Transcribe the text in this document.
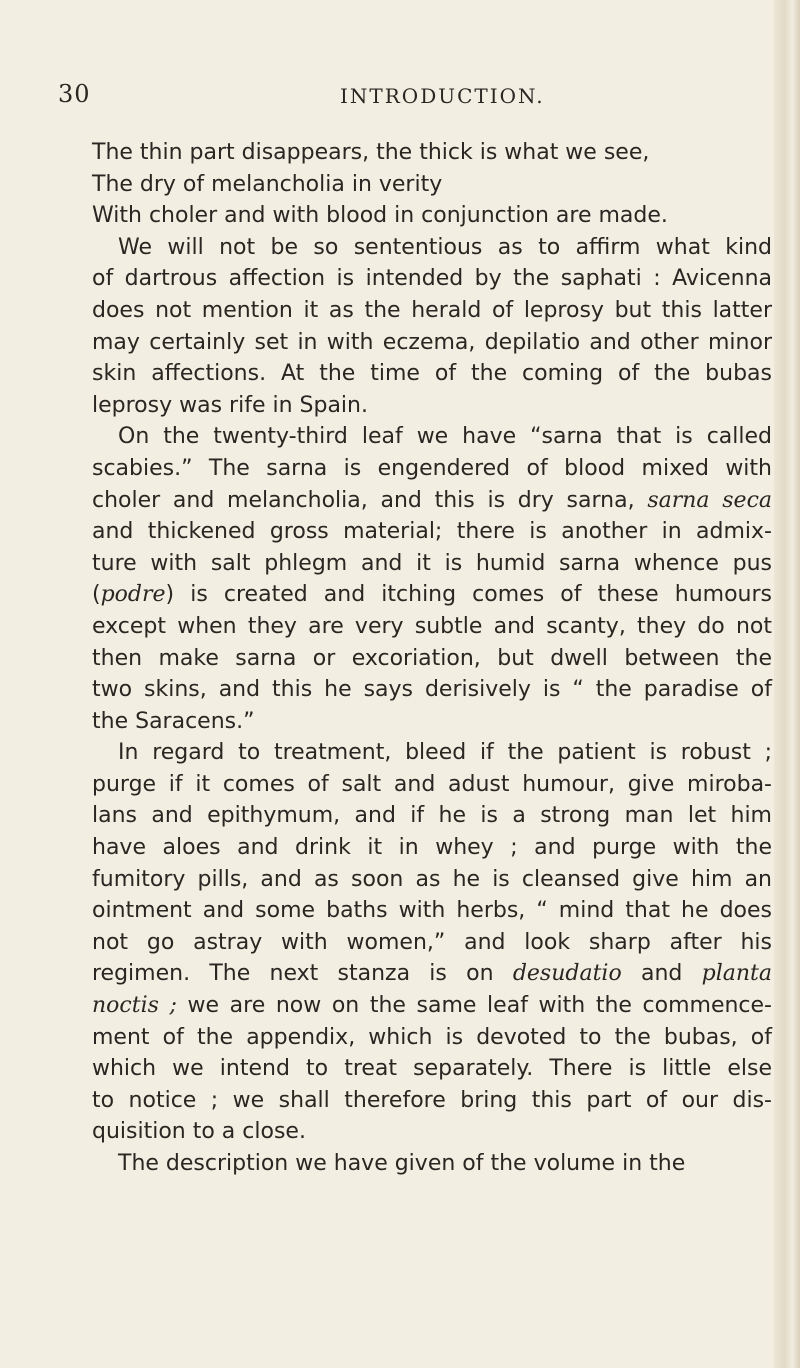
30	INTRODUCTION.
The thin part disappears, the thick is what we see,
The dry of melancholia in verity
With choler and with blood in conjunction are made.
We will not be so sententious as to affirm what kind
of dartrous affection is intended by the saphati : Avicenna
does not mention it as the herald of leprosy but this latter
may certainly set in with eczema, depilatio and other minor
skin affections. At the time of the coming of the bubas
leprosy was rife in Spain.
On the twenty-third leaf we have “sarna that is called
scabies.” The sarna is engendered of blood mixed with
choler and melancholia, and this is dry sarna, sarna seca
and thickened gross material; there is another in admix-
ture with salt phlegm and it is humid sarna whence pus
(podre) is created and itching comes of these humours
except when they are very subtle and scanty, they do not
then make sarna or excoriation, but dwell between the
two skins, and this he says derisively is “ the paradise of
the Saracens.”
In regard to treatment, bleed if the patient is robust ;
purge if it comes of salt and adust humour, give miroba-
lans and epithymum, and if he is a strong man let him
have aloes and drink it in whey ; and purge with the
fumitory pills, and as soon as he is cleansed give him an
ointment and some baths with herbs, “ mind that he does
not go astray with women,” and look sharp after his
regimen. The next stanza is on desudatio and planta
noctis ; we are now on the same leaf with the commence-
ment of the appendix, which is devoted to the bubas, of
which we intend to treat separately. There is little else
to notice ; we shall therefore bring this part of our dis-
quisition to a close.
The description we have given of the volume in the
